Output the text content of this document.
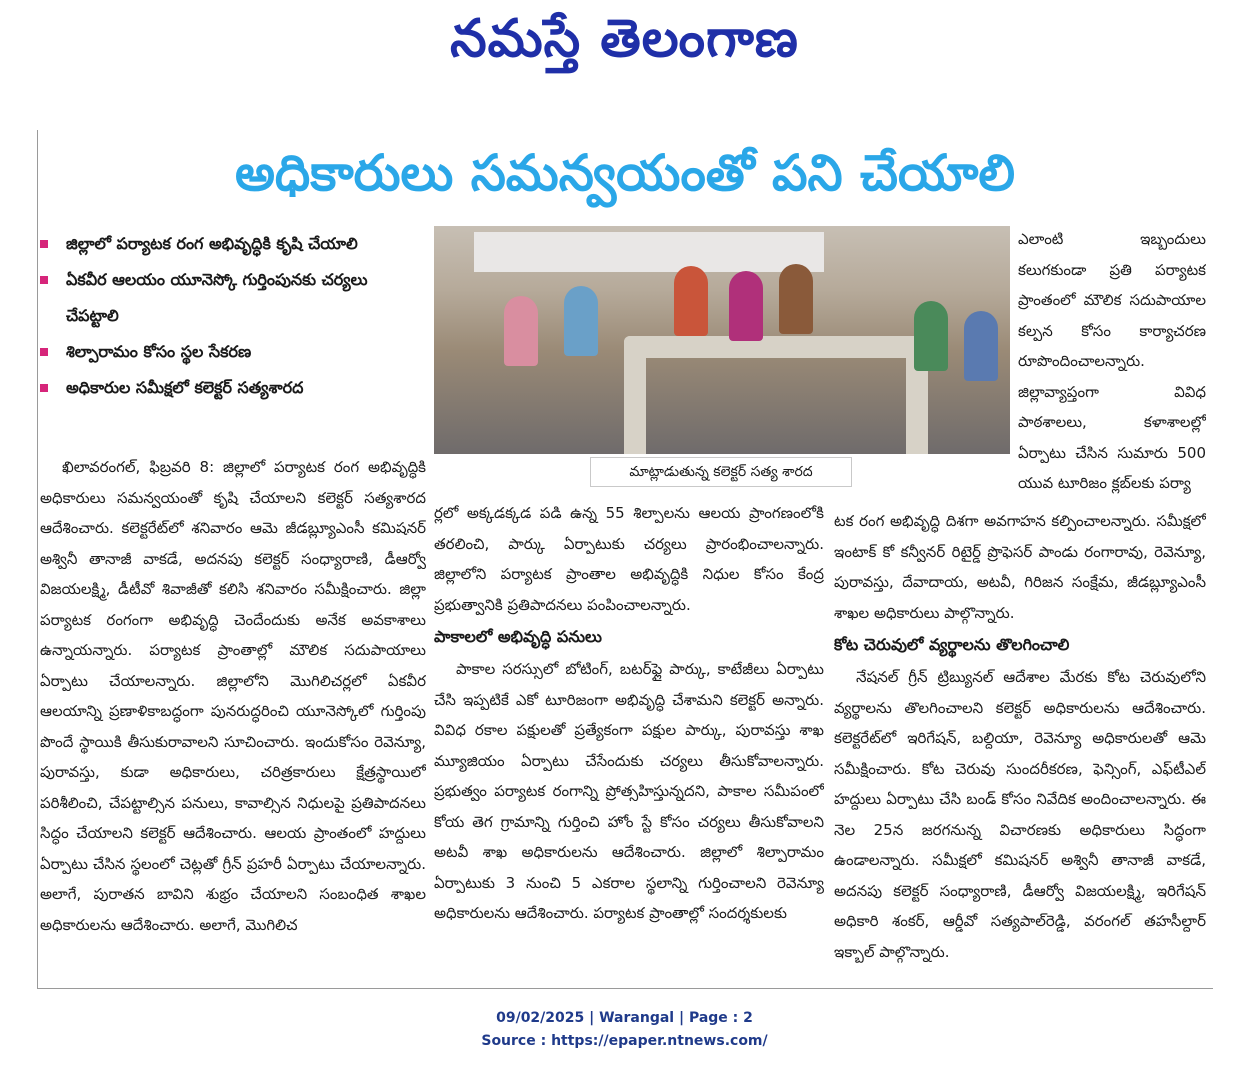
నమస్తే తెలంగాణ
అధికారులు సమన్వయంతో పని చేయాలి
జిల్లాలో పర్యాటక రంగ అభివృద్ధికి కృషి చేయాలి
ఏకవీర ఆలయం యూనెస్కో గుర్తింపునకు చర్యలు చేపట్టాలి
శిల్పారామం కోసం స్థల సేకరణ
అధికారుల సమీక్షలో కలెక్టర్ సత్యశారద
మాట్లాడుతున్న కలెక్టర్ సత్య శారద

ఖిలావరంగల్, ఫిబ్రవరి 8: జిల్లాలో పర్యాటక రంగ అభివృద్ధికి అధికారులు సమన్వయంతో కృషి చేయాలని కలెక్టర్ సత్యశారద ఆదేశించారు. కలెక్టరేట్‌లో శనివారం ఆమె జీడబ్ల్యూఎంసీ కమిషనర్ అశ్వినీ తానాజీ వాకడే, అదనపు కలెక్టర్ సంధ్యారాణి, డీఆర్వో విజయలక్ష్మి, డీటీవో శివాజీతో కలిసి శనివారం సమీక్షించారు. జిల్లా పర్యాటక రంగంగా అభివృద్ధి చెందేందుకు అనేక అవకాశాలు ఉన్నాయన్నారు. పర్యాటక ప్రాంతాల్లో మౌలిక సదుపాయాలు ఏర్పాటు చేయాలన్నారు. జిల్లాలోని మొగిలిచర్లలో ఏకవీర ఆలయాన్ని ప్రణాళికాబద్ధంగా పునరుద్ధరించి యూనెస్కోలో గుర్తింపు పొందే స్థాయికి తీసుకురావాలని సూచించారు. ఇందుకోసం రెవెన్యూ, పురావస్తు, కుడా అధికారులు, చరిత్రకారులు క్షేత్రస్థాయిలో పరిశీలించి, చేపట్టాల్సిన పనులు, కావాల్సిన నిధులపై ప్రతిపాదనలు సిద్ధం చేయాలని కలెక్టర్ ఆదేశించారు. ఆలయ ప్రాంతంలో హద్దులు ఏర్పాటు చేసిన స్థలంలో చెట్లతో గ్రీన్ ప్రహరీ ఏర్పాటు చేయాలన్నారు. అలాగే, పురాతన బావిని శుభ్రం చేయాలని సంబంధిత శాఖల అధికారులను ఆదేశించారు. అలాగే, మొగిలిచ

ర్లలో అక్కడక్కడ పడి ఉన్న 55 శిల్పాలను ఆలయ ప్రాంగణంలోకి తరలించి, పార్కు ఏర్పాటుకు చర్యలు ప్రారంభించాలన్నారు. జిల్లాలోని పర్యాటక ప్రాంతాల అభివృద్ధికి నిధుల కోసం కేంద్ర ప్రభుత్వానికి ప్రతిపాదనలు పంపించాలన్నారు.

పాకాలలో అభివృద్ధి పనులు

పాకాల సరస్సులో బోటింగ్, బటర్‌ఫ్లై పార్కు, కాటేజీలు ఏర్పాటు చేసి ఇప్పటికే ఎకో టూరిజంగా అభివృద్ధి చేశామని కలెక్టర్ అన్నారు. వివిధ రకాల పక్షులతో ప్రత్యేకంగా పక్షుల పార్కు, పురావస్తు శాఖ మ్యూజియం ఏర్పాటు చేసేందుకు చర్యలు తీసుకోవాలన్నారు. ప్రభుత్వం పర్యాటక రంగాన్ని ప్రోత్సహిస్తున్నదని, పాకాల సమీపంలో కోయ తెగ గ్రామాన్ని గుర్తించి హోం స్టే కోసం చర్యలు తీసుకోవాలని అటవీ శాఖ అధికారులను ఆదేశించారు. జిల్లాలో శిల్పారామం ఏర్పాటుకు 3 నుంచి 5 ఎకరాల స్థలాన్ని గుర్తించాలని రెవెన్యూ అధికారులను ఆదేశించారు. పర్యాటక ప్రాంతాల్లో సందర్శకులకు

ఎలాంటి ఇబ్బందులు కలుగకుండా ప్రతి పర్యాటక ప్రాంతంలో మౌలిక సదుపాయాల కల్పన కోసం కార్యాచరణ రూపొందించాలన్నారు. జిల్లావ్యాప్తంగా వివిధ పాఠశాలలు, కళాశాలల్లో ఏర్పాటు చేసిన సుమారు 500 యువ టూరిజం క్లబ్‌లకు పర్యా

టక రంగ అభివృద్ధి దిశగా అవగాహన కల్పించాలన్నారు. సమీక్షలో ఇంటాక్ కో కన్వీనర్ రిటైర్డ్ ప్రొఫెసర్ పాండు రంగారావు, రెవెన్యూ, పురావస్తు, దేవాదాయ, అటవీ, గిరిజన సంక్షేమ, జీడబ్ల్యూఎంసీ శాఖల అధికారులు పాల్గొన్నారు.

కోట చెరువులో వ్యర్థాలను తొలగించాలి

నేషనల్ గ్రీన్ ట్రిబ్యునల్ ఆదేశాల మేరకు కోట చెరువులోని వ్యర్థాలను తొలగించాలని కలెక్టర్ అధికారులను ఆదేశించారు. కలెక్టరేట్‌లో ఇరిగేషన్, బల్దియా, రెవెన్యూ అధికారులతో ఆమె సమీక్షించారు. కోట చెరువు సుందరీకరణ, ఫెన్సింగ్, ఎఫ్‌టీఎల్ హద్దులు ఏర్పాటు చేసి బండ్ కోసం నివేదిక అందించాలన్నారు. ఈ నెల 25న జరగనున్న విచారణకు అధికారులు సిద్ధంగా ఉండాలన్నారు. సమీక్షలో కమిషనర్ అశ్వినీ తానాజీ వాకడే, అదనపు కలెక్టర్ సంధ్యారాణి, డీఆర్వో విజయలక్ష్మి, ఇరిగేషన్ అధికారి శంకర్, ఆర్డీవో సత్యపాల్‌రెడ్డి, వరంగల్ తహసీల్దార్ ఇక్బాల్ పాల్గొన్నారు.

09/02/2025 | Warangal | Page : 2
Source : https://epaper.ntnews.com/
